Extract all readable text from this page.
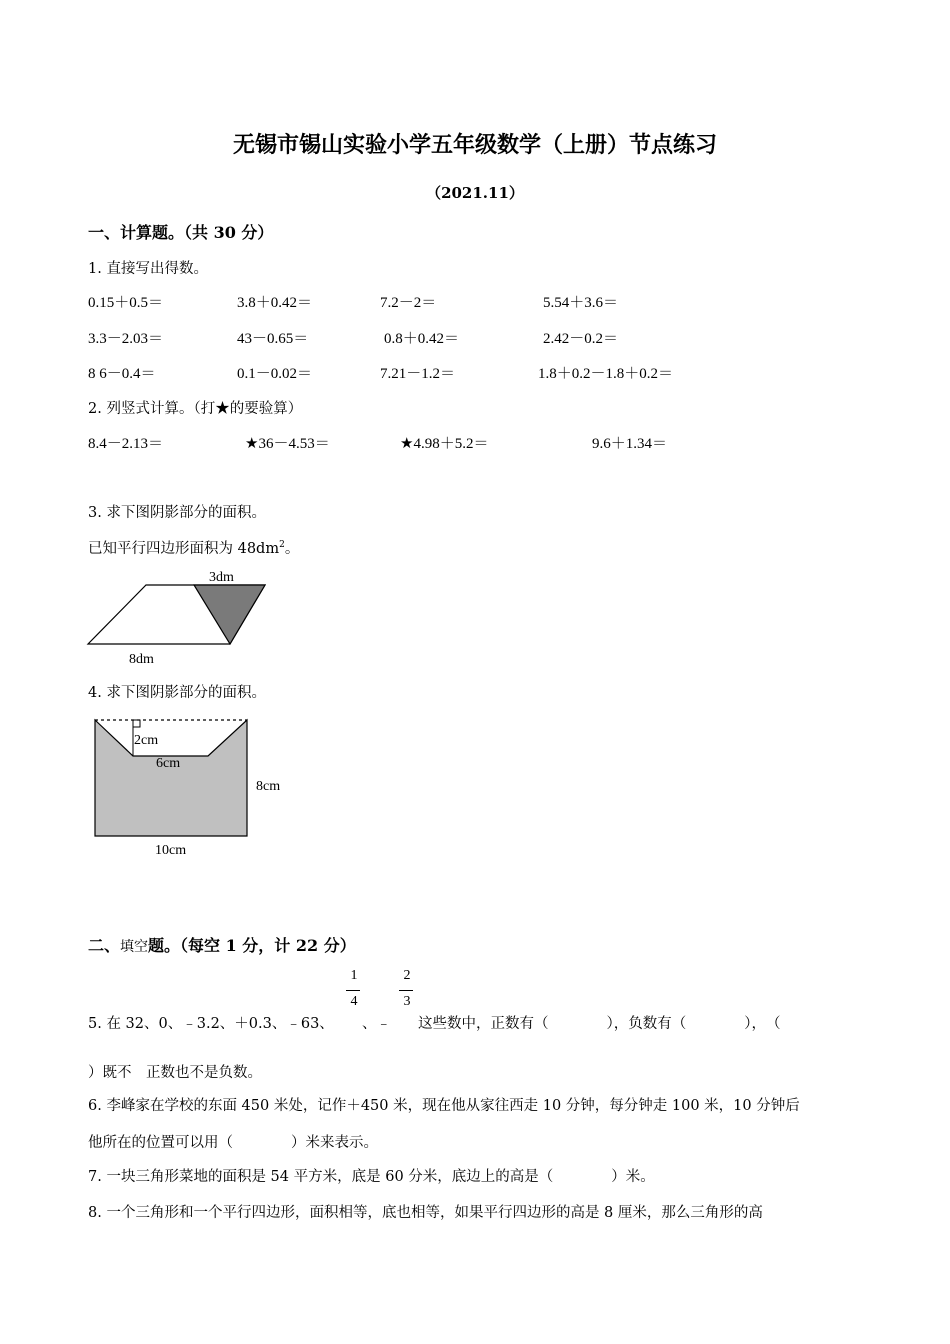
无锡市锡山实验小学五年级数学（上册）节点练习
（2021.11）
一、计算题。（共 30 分）
1. 直接写出得数。
0.15＋0.5＝	3.8＋0.42＝	7.2－2＝	5.54＋3.6＝
3.3－2.03＝	43－0.65＝	0.8＋0.42＝	2.42－0.2＝
8 6－0.4＝	0.1－0.02＝	7.21－1.2＝	1.8＋0.2－1.8＋0.2＝
2. 列竖式计算。（打★的要验算）
8.4－2.13＝	★36－4.53＝	★4.98＋5.2＝	9.6＋1.34＝
3. 求下图阴影部分的面积。
已知平行四边形面积为 $48dm^2$。
3dm
8dm
4. 求下图阴影部分的面积。
2cm
6cm
8cm
10cm
二、填空题。（每空 1 分，计 22 分）
1
4
2
3
5. 在 32、0、﹣3.2、＋0.3、﹣63、 、﹣ 这些数中，正数有（　　　　），负数有（　　　　），　（
）既不　正数也不是负数。
6. 李峰家在学校的东面 450 米处，记作＋450 米，现在他从家往西走 10 分钟，每分钟走 100 米，10 分钟后
他所在的位置可以用（　　　　）米来表示。
7. 一块三角形菜地的面积是 54 平方米，底是 60 分米，底边上的高是（　　　　）米。
8. 一个三角形和一个平行四边形，面积相等，底也相等，如果平行四边形的高是 8 厘米，那么三角形的高
